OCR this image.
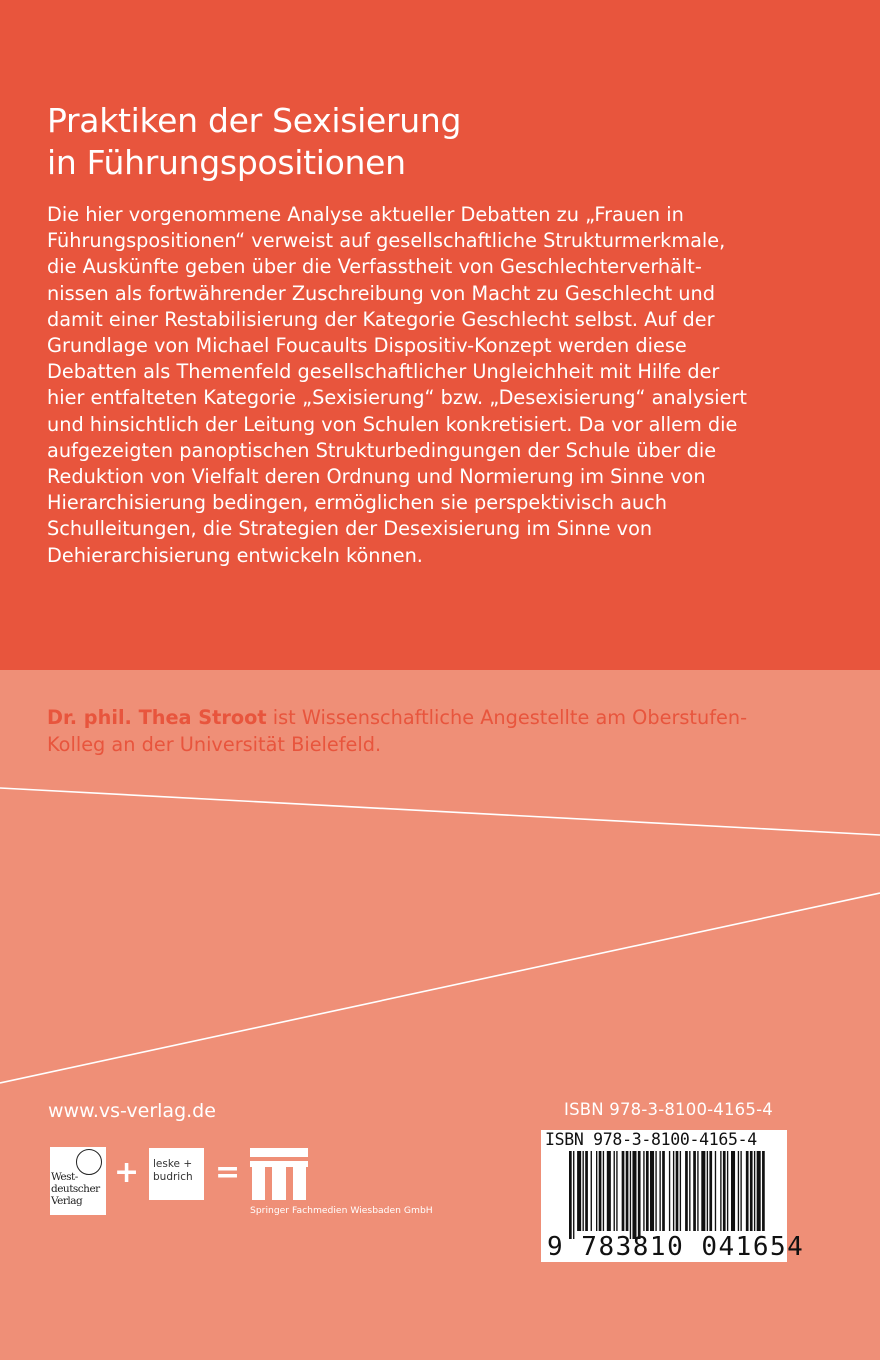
Praktiken der Sexisierung
in Führungspositionen
Die hier vorgenommene Analyse aktueller Debatten zu „Frauen in
Führungspositionen“ verweist auf gesellschaftliche Strukturmerkmale,
die Auskünfte geben über die Verfasstheit von Geschlechterverhält-
nissen als fortwährender Zuschreibung von Macht zu Geschlecht und
damit einer Restabilisierung der Kategorie Geschlecht selbst. Auf der
Grundlage von Michael Foucaults Dispositiv-Konzept werden diese
Debatten als Themenfeld gesellschaftlicher Ungleichheit mit Hilfe der
hier entfalteten Kategorie „Sexisierung“ bzw. „Desexisierung“ analysiert
und hinsichtlich der Leitung von Schulen konkretisiert. Da vor allem die
aufgezeigten panoptischen Strukturbedingungen der Schule über die
Reduktion von Vielfalt deren Ordnung und Normierung im Sinne von
Hierarchisierung bedingen, ermöglichen sie perspektivisch auch
Schulleitungen, die Strategien der Desexisierung im Sinne von
Dehierarchisierung entwickeln können.
Dr. phil. Thea Stroot ist Wissenschaftliche Angestellte am Oberstufen-
Kolleg an der Universität Bielefeld.

www.vs-verlag.de	ISBN 978-3-8100-4165-4

West-
deutscher
Verlag
+ leske +
budrich =

Springer Fachmedien Wiesbaden GmbH

ISBN 978-3-8100-4165-4
9 783810 041654
